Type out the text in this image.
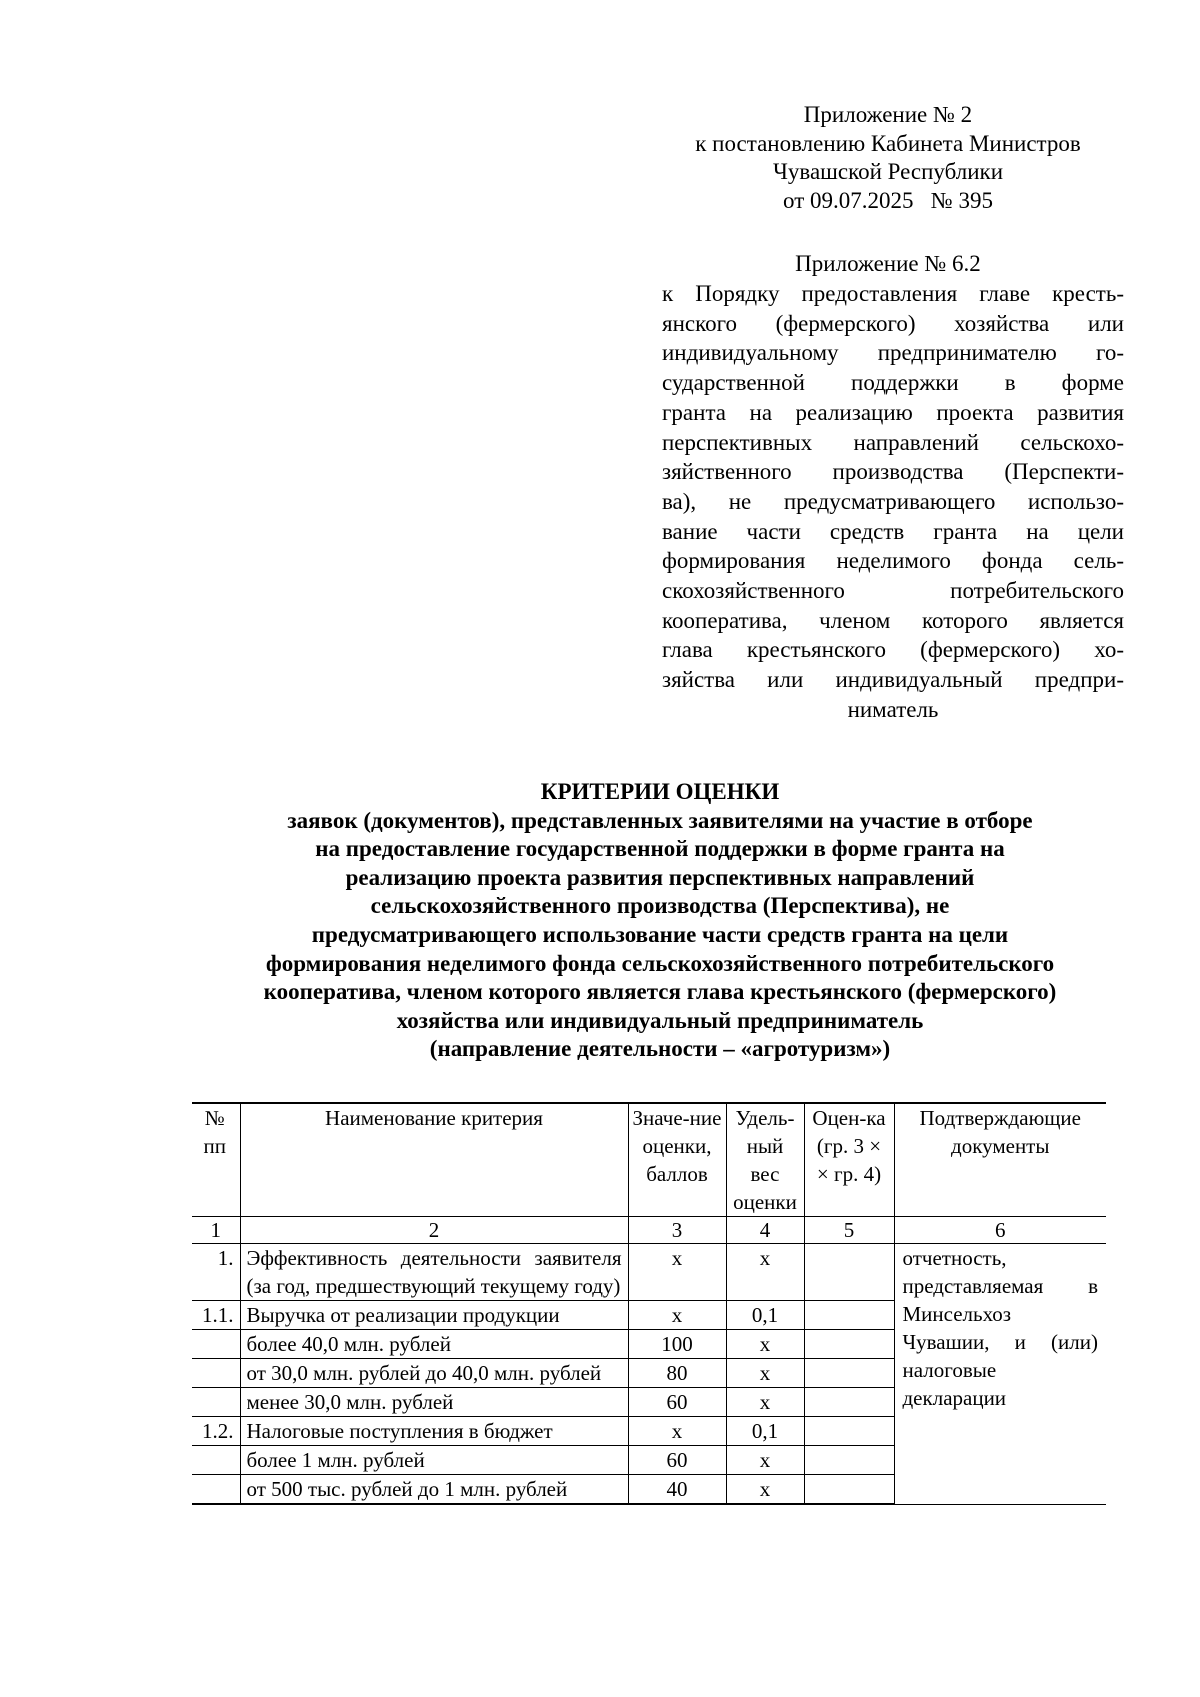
Приложение № 2
к постановлению Кабинета Министров
Чувашской Республики
от 09.07.2025   № 395
Приложение № 6.2
к Порядку предоставления главе кресть-
янского (фермерского) хозяйства или
индивидуальному предпринимателю го-
сударственной поддержки в форме
гранта на реализацию проекта развития
перспективных направлений сельскохо-
зяйственного производства (Перспекти-
ва), не предусматривающего использо-
вание части средств гранта на цели
формирования неделимого фонда сель-
скохозяйственного потребительского
кооператива, членом которого является
глава крестьянского (фермерского) хо-
зяйства или индивидуальный предпри-
ниматель
КРИТЕРИИ ОЦЕНКИ
заявок (документов), представленных заявителями на участие в отборе
на предоставление государственной поддержки в форме гранта на
реализацию проекта развития перспективных направлений
сельскохозяйственного производства (Перспектива), не
предусматривающего использование части средств гранта на цели
формирования неделимого фонда сельскохозяйственного потребительского
кооператива, членом которого является глава крестьянского (фермерского)
хозяйства или индивидуальный предприниматель
(направление деятельности – «агротуризм»)
№ пп	Наименование критерия	Значе-ние оценки, баллов	Удель-ный вес оценки	Оцен-ка (гр. 3 × × гр. 4)	Подтверждающие документы
1	2	3	4	5	6
1.	Эффективность деятельности заявителя (за год, предшествующий текущему году)	х	х		отчетность, представляемая в Минсельхоз Чувашии, и (или) налоговые декларации
1.1.	Выручка от реализации продукции	х	0,1		
	более 40,0 млн. рублей	100	х		
	от 30,0 млн. рублей до 40,0 млн. рублей	80	х		
	менее 30,0 млн. рублей	60	х		
1.2.	Налоговые поступления в бюджет	х	0,1		
	более 1 млн. рублей	60	х		
	от 500 тыс. рублей до 1 млн. рублей	40	х		
